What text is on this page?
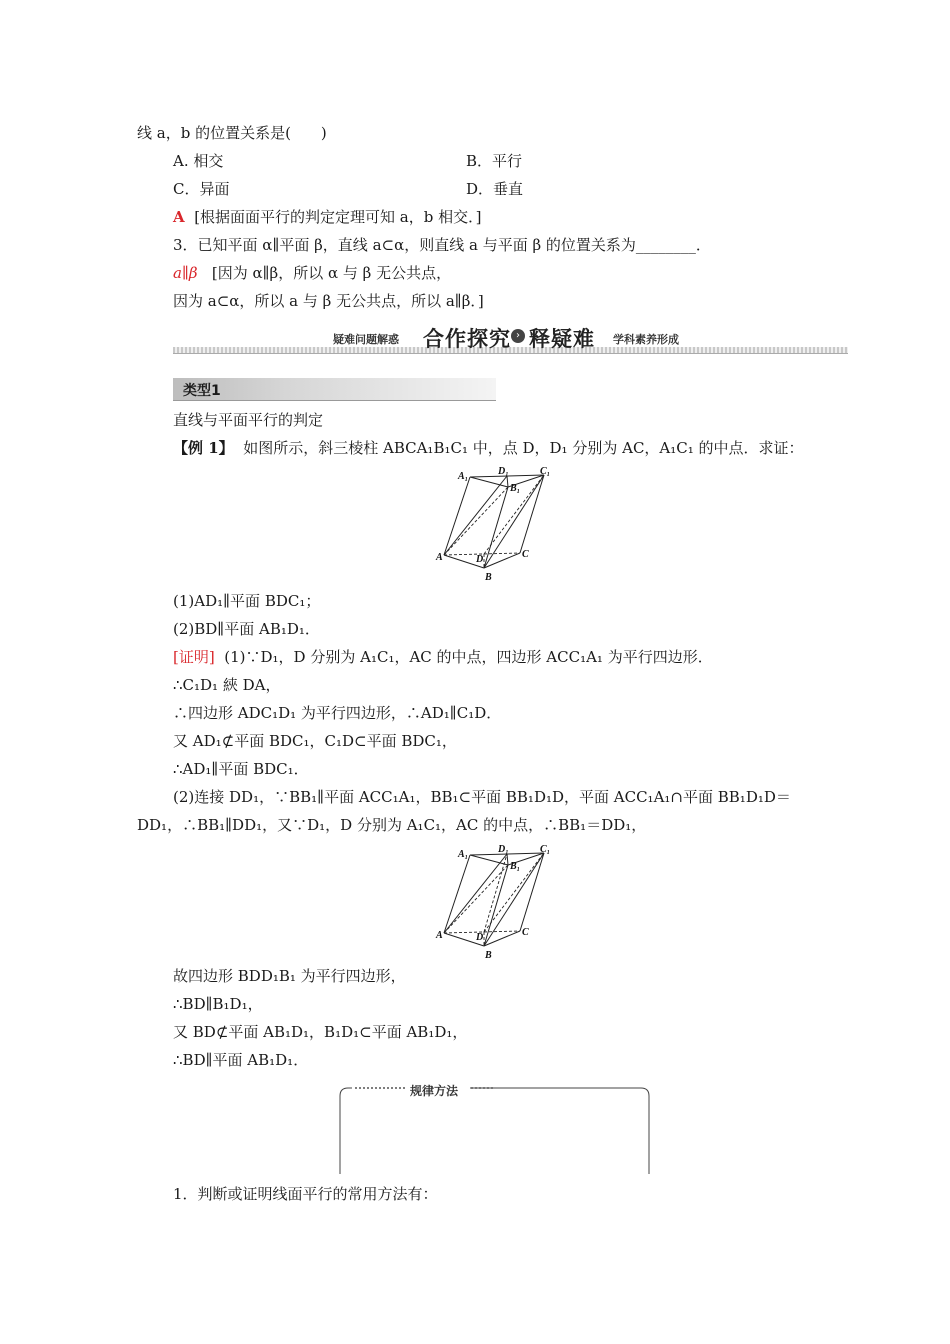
线 a，b 的位置关系是(　　)
A. 相交	B．平行
C．异面	D．垂直
A [根据面面平行的判定定理可知 a，b 相交．]
3．已知平面 α∥平面 β，直线 a⊂α，则直线 a 与平面 β 的位置关系为________．
a∥β [因为 α∥β，所以 α 与 β 无公共点，
因为 a⊂α，所以 a 与 β 无公共点，所以 a∥β．]
疑难问题解惑 合作探究 › 释疑难 学科素养形成
类型1
直线与平面平行的判定
【例 1】 如图所示，斜三棱柱 ABCA₁B₁C₁ 中，点 D，D₁ 分别为 AC，A₁C₁ 的中点．求证：
A₁	D₁	C₁
B₁
A	D	C
B
(1)AD₁∥平面 BDC₁；
(2)BD∥平面 AB₁D₁．
[证明] (1)∵D₁，D 分别为 A₁C₁，AC 的中点，四边形 ACC₁A₁ 为平行四边形．
∴C₁D₁ 綊 DA，
∴四边形 ADC₁D₁ 为平行四边形，∴AD₁∥C₁D．
又 AD₁⊄平面 BDC₁，C₁D⊂平面 BDC₁，
∴AD₁∥平面 BDC₁．
(2)连接 DD₁，∵BB₁∥平面 ACC₁A₁，BB₁⊂平面 BB₁D₁D，平面 ACC₁A₁∩平面 BB₁D₁D＝
DD₁，∴BB₁∥DD₁，又∵D₁，D 分别为 A₁C₁，AC 的中点，∴BB₁＝DD₁，
A₁	D₁	C₁
B₁
A	D	C
B
故四边形 BDD₁B₁ 为平行四边形，
∴BD∥B₁D₁，
又 BD⊄平面 AB₁D₁，B₁D₁⊂平面 AB₁D₁，
∴BD∥平面 AB₁D₁．
规律方法
1．判断或证明线面平行的常用方法有：
